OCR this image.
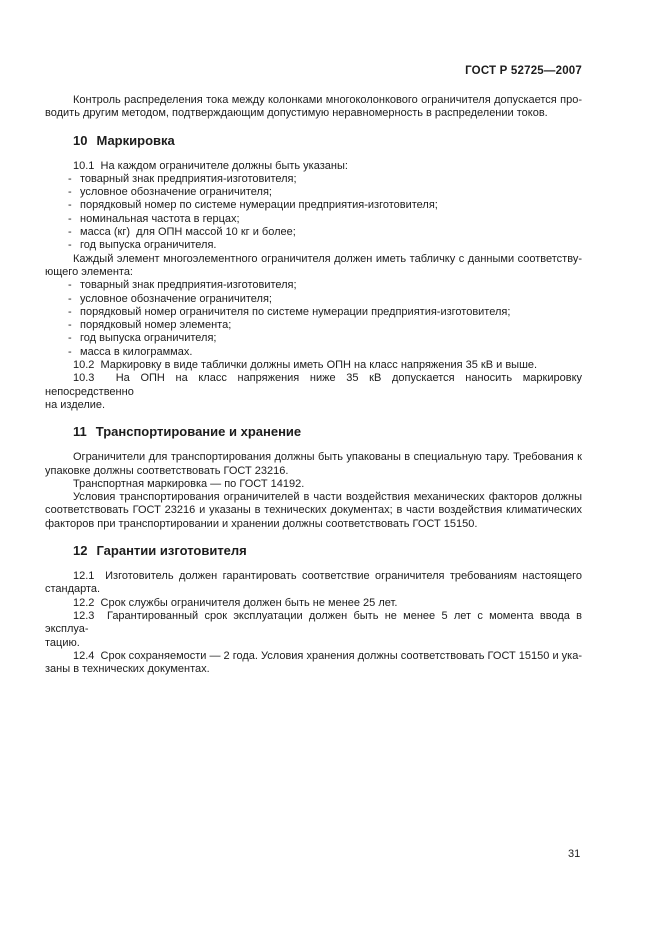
ГОСТ Р 52725—2007
Контроль распределения тока между колонками многоколонкового ограничителя допускается про-
водить другим методом, подтверждающим допустимую неравномерность в распределении токов.
10 Маркировка
10.1  На каждом ограничителе должны быть указаны:
- товарный знак предприятия-изготовителя;
- условное обозначение ограничителя;
- порядковый номер по системе нумерации предприятия-изготовителя;
- номинальная частота в герцах;
- масса (кг)  для ОПН массой 10 кг и более;
- год выпуска ограничителя.
Каждый элемент многоэлементного ограничителя должен иметь табличку с данными соответству-
ющего элемента:
- товарный знак предприятия-изготовителя;
- условное обозначение ограничителя;
- порядковый номер ограничителя по системе нумерации предприятия-изготовителя;
- порядковый номер элемента;
- год выпуска ограничителя;
- масса в килограммах.
10.2  Маркировку в виде таблички должны иметь ОПН на класс напряжения 35 кВ и выше.
10.3  На ОПН на класс напряжения ниже 35 кВ допускается наносить маркировку непосредственно
на изделие.
11 Транспортирование и хранение
Ограничители для транспортирования должны быть упакованы в специальную тару. Требования к
упаковке должны соответствовать ГОСТ 23216.
Транспортная маркировка — по ГОСТ 14192.
Условия транспортирования ограничителей в части воздействия механических факторов должны
соответствовать ГОСТ 23216 и указаны в технических документах; в части воздействия климатических
факторов при транспортировании и хранении должны соответствовать ГОСТ 15150.
12 Гарантии изготовителя
12.1  Изготовитель должен гарантировать соответствие ограничителя требованиям настоящего
стандарта.
12.2  Срок службы ограничителя должен быть не менее 25 лет.
12.3  Гарантированный срок эксплуатации должен быть не менее 5 лет с момента ввода в эксплуа-
тацию.
12.4  Срок сохраняемости — 2 года. Условия хранения должны соответствовать ГОСТ 15150 и ука-
заны в технических документах.
31
